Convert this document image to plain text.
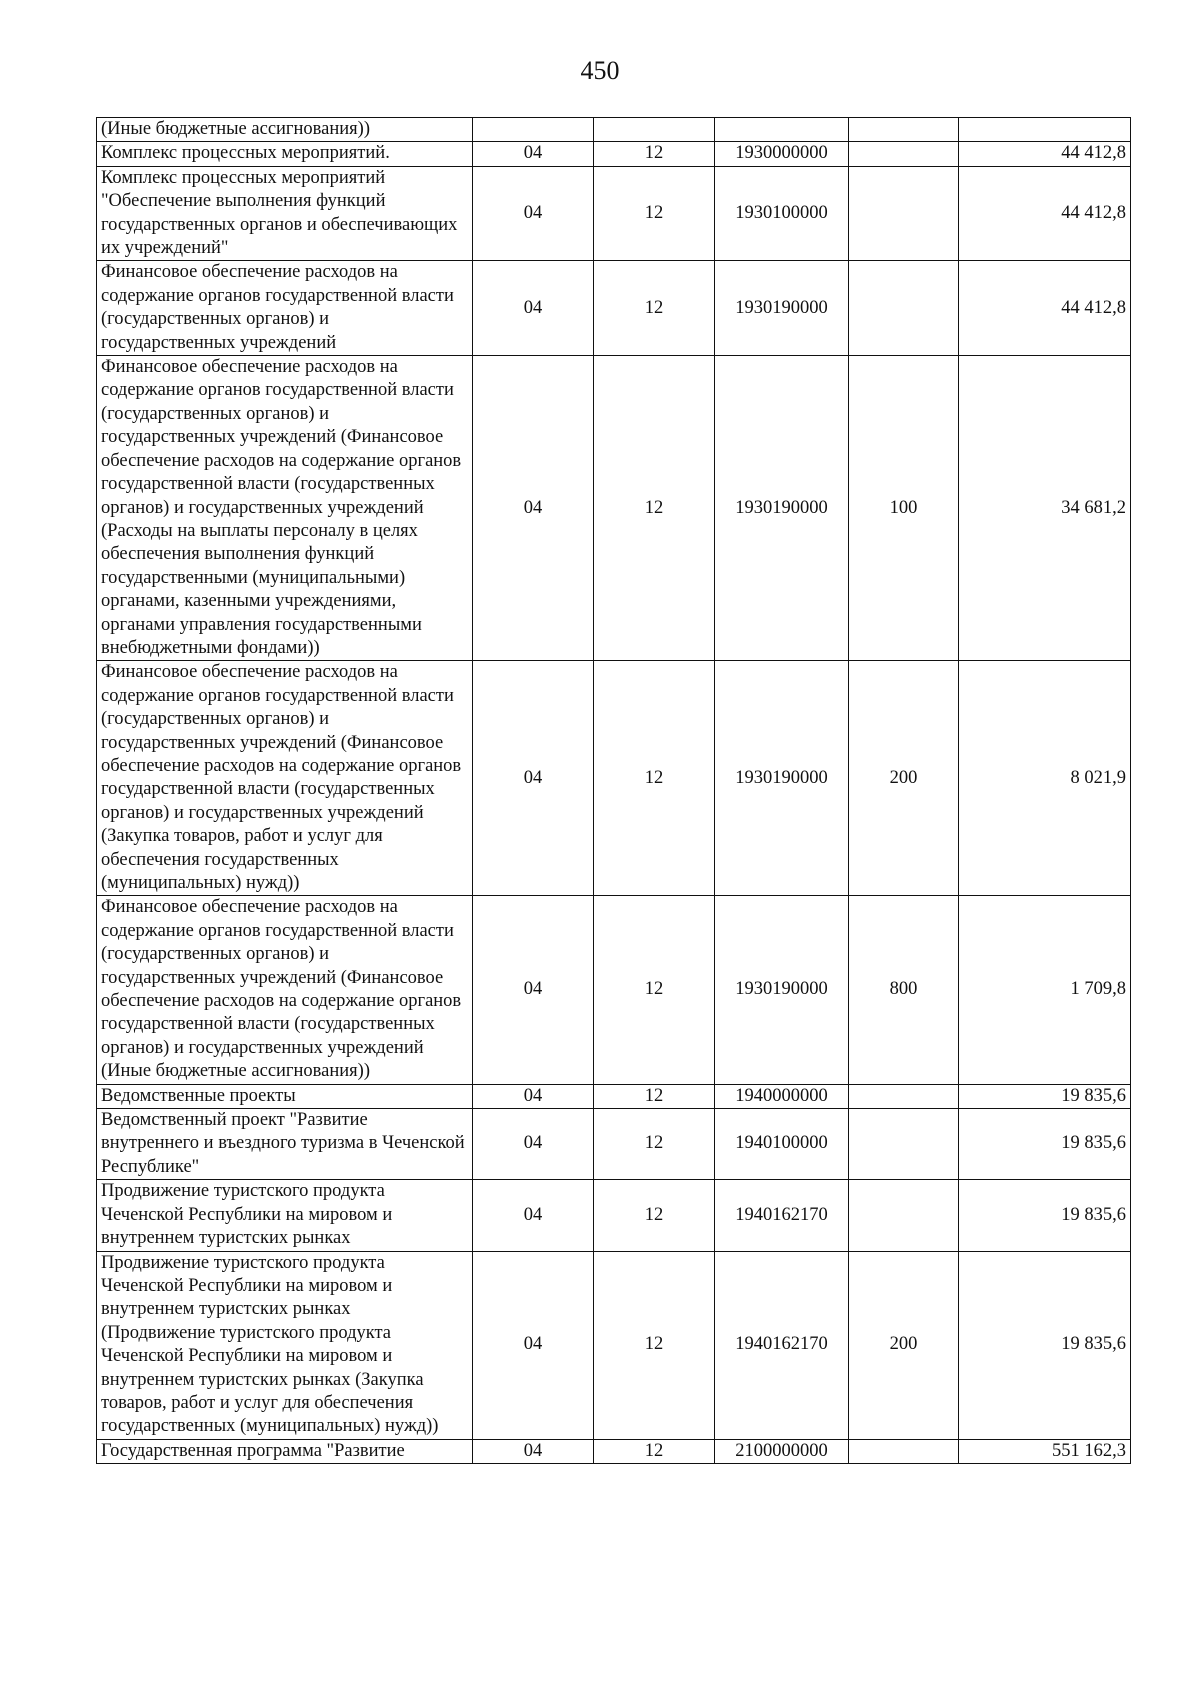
450
(Иные бюджетные ассигнования))					
Комплекс процессных мероприятий.	04	12	1930000000		44 412,8
Комплекс процессных мероприятий "Обеспечение выполнения функций государственных органов и обеспечивающих их учреждений"	04	12	1930100000		44 412,8
Финансовое обеспечение расходов на содержание органов государственной власти (государственных органов) и государственных учреждений	04	12	1930190000		44 412,8
Финансовое обеспечение расходов на содержание органов государственной власти (государственных органов) и государственных учреждений (Финансовое обеспечение расходов на содержание органов государственной власти (государственных органов) и государственных учреждений (Расходы на выплаты персоналу в целях обеспечения выполнения функций государственными (муниципальными) органами, казенными учреждениями, органами управления государственными внебюджетными фондами))	04	12	1930190000	100	34 681,2
Финансовое обеспечение расходов на содержание органов государственной власти (государственных органов) и государственных учреждений (Финансовое обеспечение расходов на содержание органов государственной власти (государственных органов) и государственных учреждений (Закупка товаров, работ и услуг для обеспечения государственных (муниципальных) нужд))	04	12	1930190000	200	8 021,9
Финансовое обеспечение расходов на содержание органов государственной власти (государственных органов) и государственных учреждений (Финансовое обеспечение расходов на содержание органов государственной власти (государственных органов) и государственных учреждений (Иные бюджетные ассигнования))	04	12	1930190000	800	1 709,8
Ведомственные проекты	04	12	1940000000		19 835,6
Ведомственный проект "Развитие внутреннего и въездного туризма в Чеченской Республике"	04	12	1940100000		19 835,6
Продвижение туристского продукта Чеченской Республики на мировом и внутреннем туристских рынках	04	12	1940162170		19 835,6
Продвижение туристского продукта Чеченской Республики на мировом и внутреннем туристских рынках (Продвижение туристского продукта Чеченской Республики на мировом и внутреннем туристских рынках (Закупка товаров, работ и услуг для обеспечения государственных (муниципальных) нужд))	04	12	1940162170	200	19 835,6
Государственная программа "Развитие	04	12	2100000000		551 162,3
